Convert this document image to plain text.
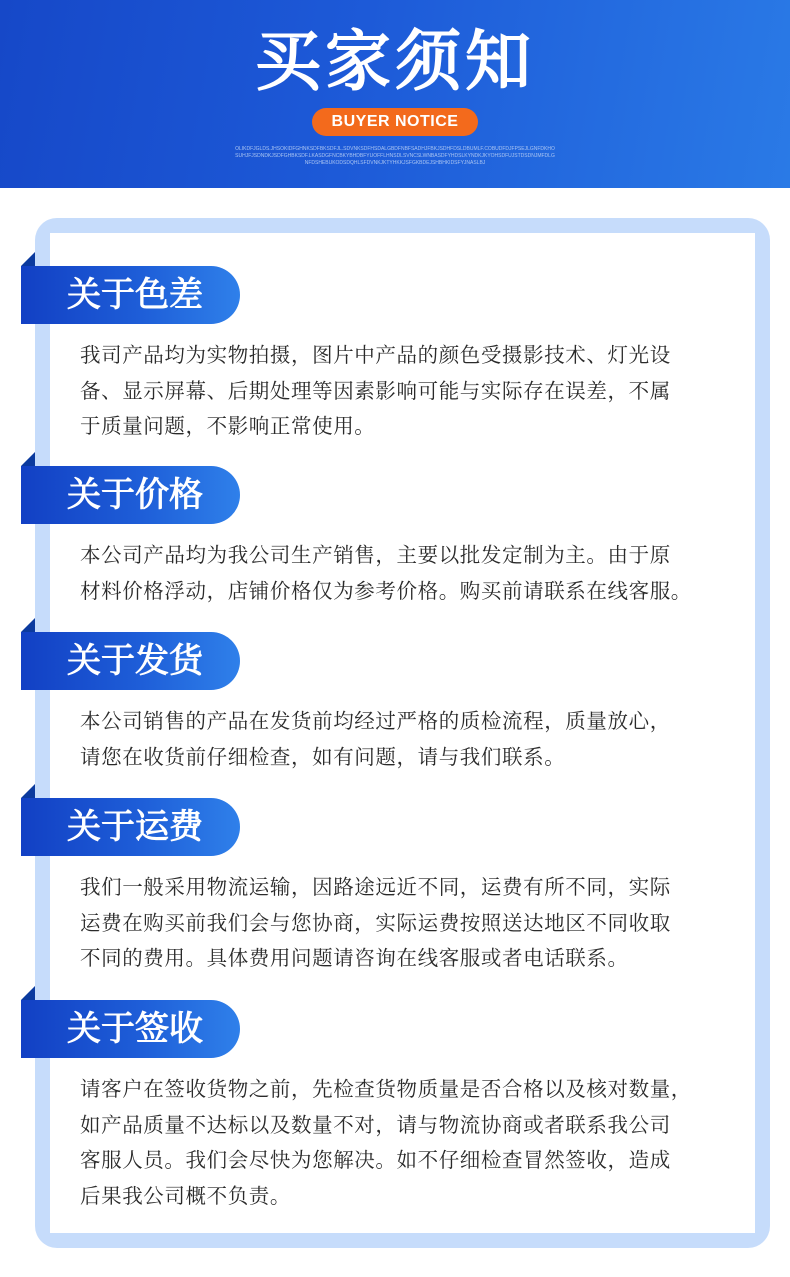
买家须知
BUYER NOTICE
OLIKDFJGLDS.JHSOKIDFGHNKSDFBKSDFJL.SDVNKSDFHSDALGBDFNBFSADHJFBKJSDHFDSLDBUMLF.COBUDFDJFPSEJLGNFDKHOSUHJFJSDNDKJSDFGHBKSDF.LKASDGFNCBKYBHDBFYUOFFLHNSDLSVNCSLWNBASDFYHDSLKYNDKJKYOHSDFUJSTDSDNJMFDLGNFDSHEBUKODSDQHLSFDVNKJKTYHKKJSFGKBDEJSHBHKIDSFYJNASLBJ
关于色差
我司产品均为实物拍摄，图片中产品的颜色受摄影技术、灯光设
备、显示屏幕、后期处理等因素影响可能与实际存在误差，不属
于质量问题，不影响正常使用。
关于价格
本公司产品均为我公司生产销售，主要以批发定制为主。由于原
材料价格浮动，店铺价格仅为参考价格。购买前请联系在线客服。
关于发货
本公司销售的产品在发货前均经过严格的质检流程，质量放心，
请您在收货前仔细检查，如有问题，请与我们联系。
关于运费
我们一般采用物流运输，因路途远近不同，运费有所不同，实际
运费在购买前我们会与您协商，实际运费按照送达地区不同收取
不同的费用。具体费用问题请咨询在线客服或者电话联系。
关于签收
请客户在签收货物之前，先检查货物质量是否合格以及核对数量，
如产品质量不达标以及数量不对，请与物流协商或者联系我公司
客服人员。我们会尽快为您解决。如不仔细检查冒然签收，造成
后果我公司概不负责。
